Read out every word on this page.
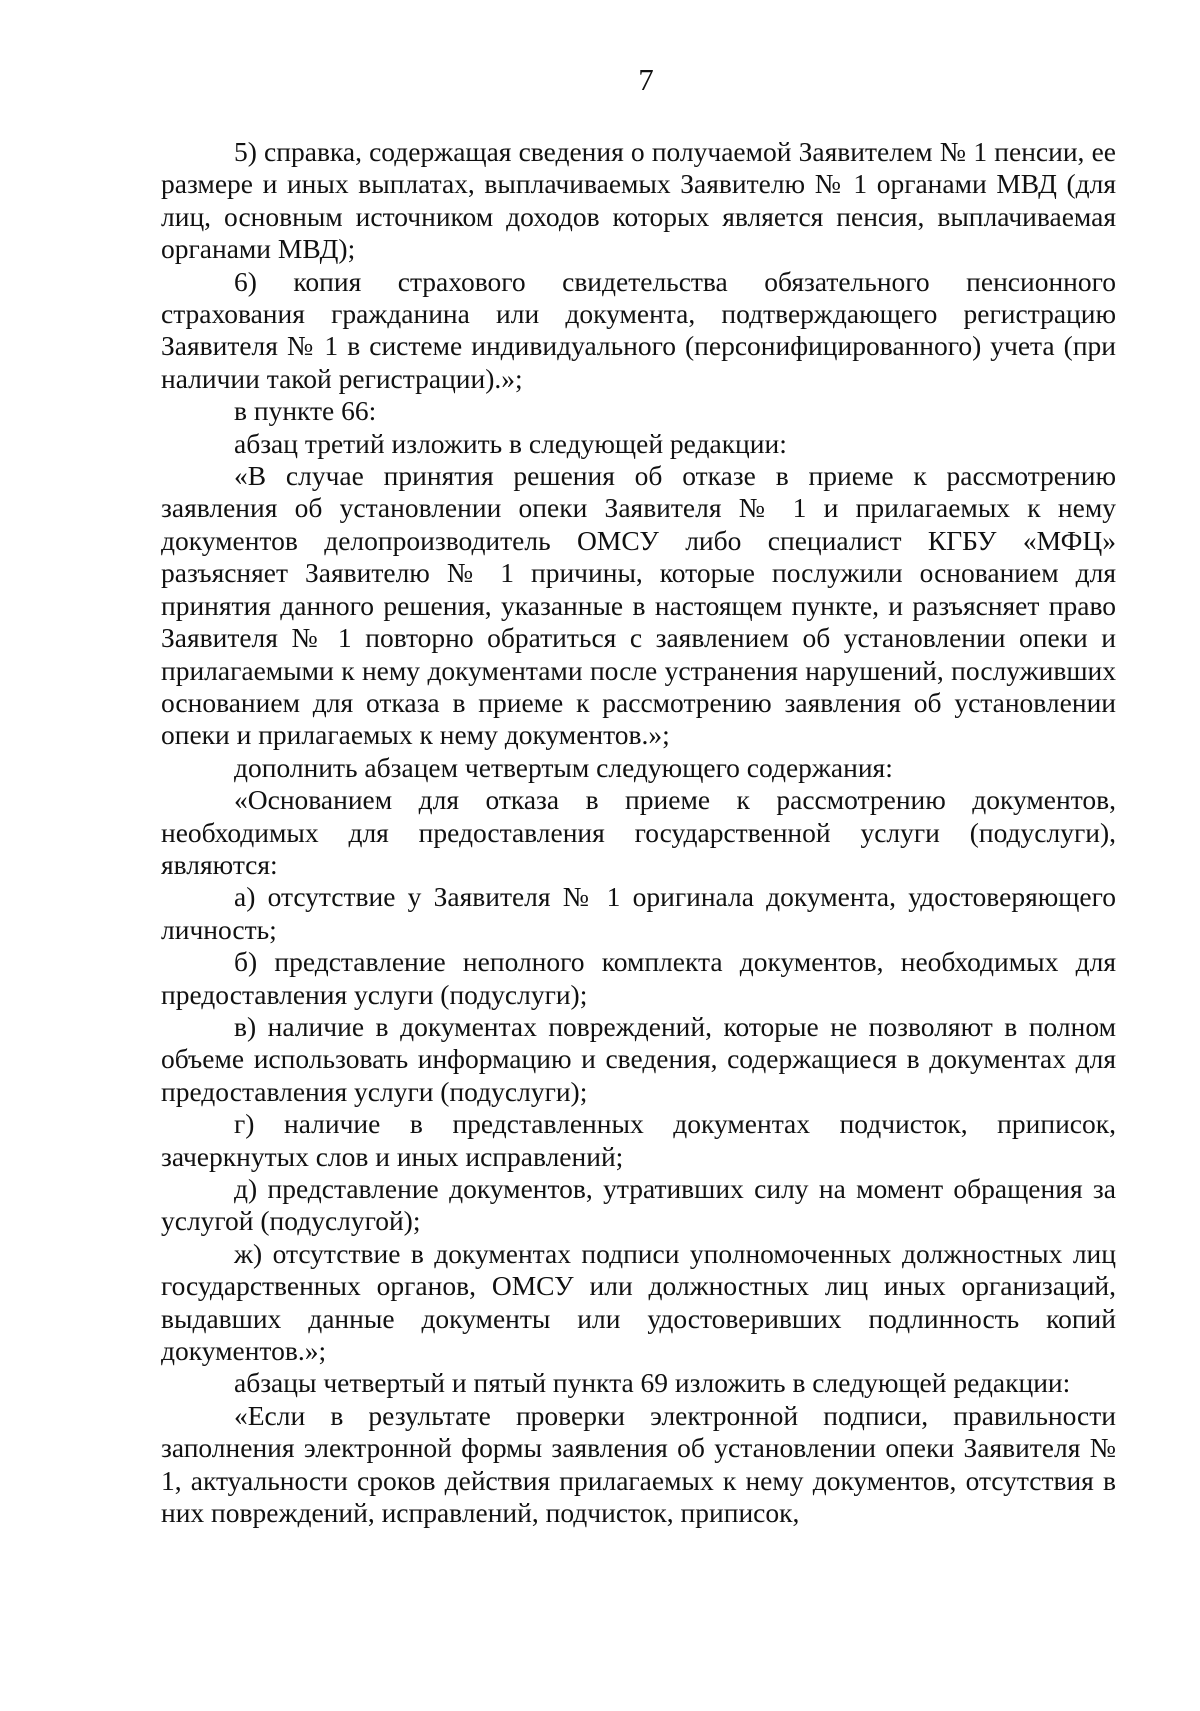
7

5) справка, содержащая сведения о получаемой Заявителем № 1 пенсии, ее размере и иных выплатах, выплачиваемых Заявителю № 1 органами МВД (для лиц, основным источником доходов которых является пенсия, выплачиваемая органами МВД);

6) копия страхового свидетельства обязательного пенсионного страхования гражданина или документа, подтверждающего регистрацию Заявителя № 1 в системе индивидуального (персонифицированного) учета (при наличии такой регистрации).»;

в пункте 66:

абзац третий изложить в следующей редакции:

«В случае принятия решения об отказе в приеме к рассмотрению заявления об установлении опеки Заявителя № 1 и прилагаемых к нему документов делопроизводитель ОМСУ либо специалист КГБУ «МФЦ» разъясняет Заявителю № 1 причины, которые послужили основанием для принятия данного решения, указанные в настоящем пункте, и разъясняет право Заявителя № 1 повторно обратиться с заявлением об установлении опеки и прилагаемыми к нему документами после устранения нарушений, послуживших основанием для отказа в приеме к рассмотрению заявления об установлении опеки и прилагаемых к нему документов.»;

дополнить абзацем четвертым следующего содержания:

«Основанием для отказа в приеме к рассмотрению документов, необходимых для предоставления государственной услуги (подуслуги), являются:

а) отсутствие у Заявителя № 1 оригинала документа, удостоверяющего личность;

б) представление неполного комплекта документов, необходимых для предоставления услуги (подуслуги);

в) наличие в документах повреждений, которые не позволяют в полном объеме использовать информацию и сведения, содержащиеся в документах для предоставления услуги (подуслуги);

г) наличие в представленных документах подчисток, приписок, зачеркнутых слов и иных исправлений;

д) представление документов, утративших силу на момент обращения за услугой (подуслугой);

ж) отсутствие в документах подписи уполномоченных должностных лиц государственных органов, ОМСУ или должностных лиц иных организаций, выдавших данные документы или удостоверивших подлинность копий документов.»;

абзацы четвертый и пятый пункта 69 изложить в следующей редакции:

«Если в результате проверки электронной подписи, правильности заполнения электронной формы заявления об установлении опеки Заявителя № 1, актуальности сроков действия прилагаемых к нему документов, отсутствия в них повреждений, исправлений, подчисток, приписок,
